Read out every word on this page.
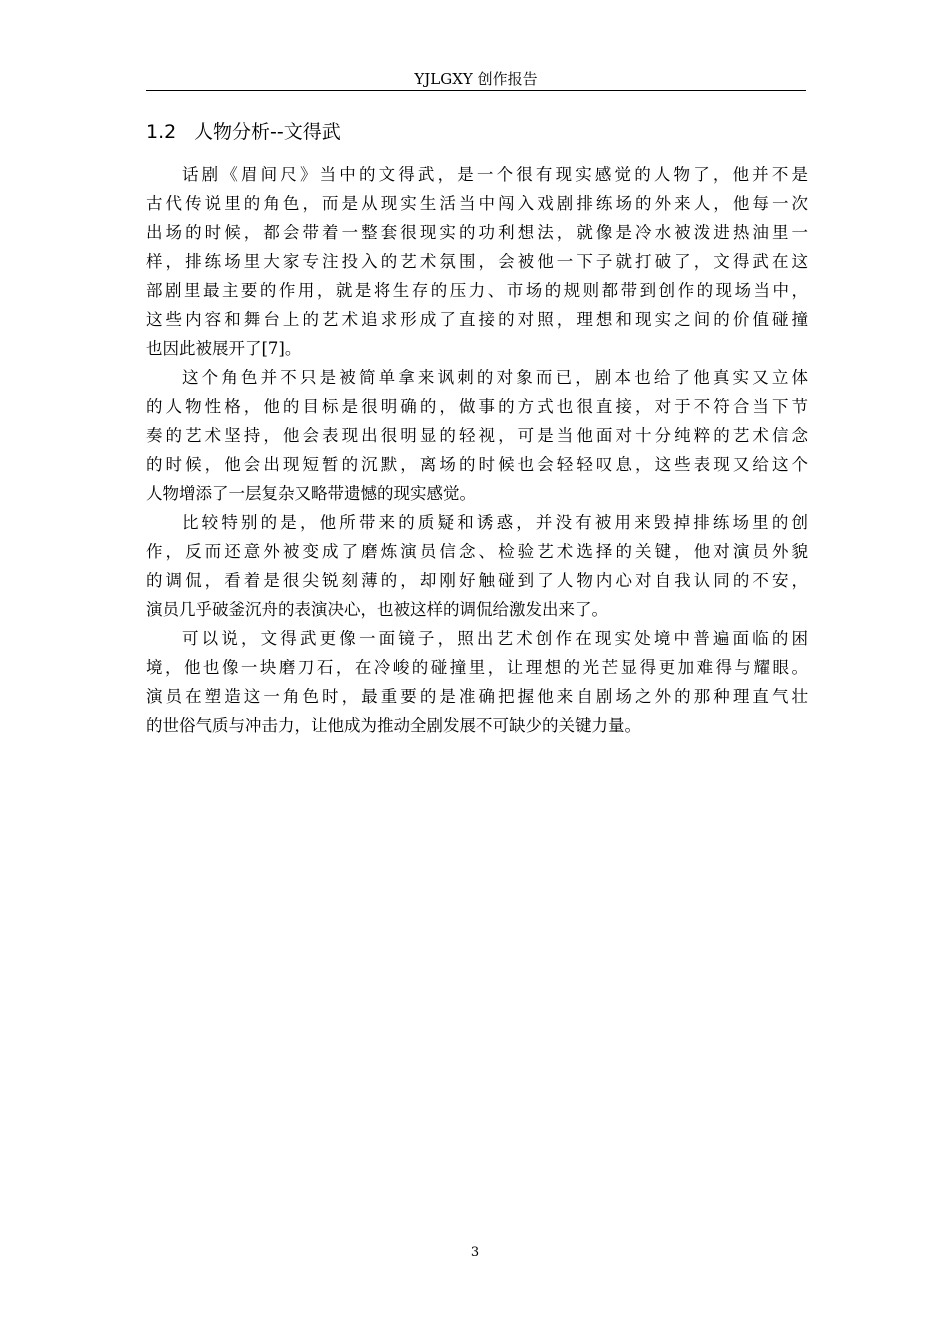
YJLGXY 创作报告
1.2 人物分析--文得武

话剧《眉间尺》当中的文得武，是一个很有现实感觉的人物了，他并不是
古代传说里的角色，而是从现实生活当中闯入戏剧排练场的外来人，他每一次
出场的时候，都会带着一整套很现实的功利想法，就像是冷水被泼进热油里一
样，排练场里大家专注投入的艺术氛围，会被他一下子就打破了，文得武在这
部剧里最主要的作用，就是将生存的压力、市场的规则都带到创作的现场当中，
这些内容和舞台上的艺术追求形成了直接的对照，理想和现实之间的价值碰撞
也因此被展开了[7]。

这个角色并不只是被简单拿来讽刺的对象而已，剧本也给了他真实又立体
的人物性格，他的目标是很明确的，做事的方式也很直接，对于不符合当下节
奏的艺术坚持，他会表现出很明显的轻视，可是当他面对十分纯粹的艺术信念
的时候，他会出现短暂的沉默，离场的时候也会轻轻叹息，这些表现又给这个
人物增添了一层复杂又略带遗憾的现实感觉。

比较特别的是，他所带来的质疑和诱惑，并没有被用来毁掉排练场里的创
作，反而还意外被变成了磨炼演员信念、检验艺术选择的关键，他对演员外貌
的调侃，看着是很尖锐刻薄的，却刚好触碰到了人物内心对自我认同的不安，
演员几乎破釜沉舟的表演决心，也被这样的调侃给激发出来了。

可以说，文得武更像一面镜子，照出艺术创作在现实处境中普遍面临的困
境，他也像一块磨刀石，在冷峻的碰撞里，让理想的光芒显得更加难得与耀眼。
演员在塑造这一角色时，最重要的是准确把握他来自剧场之外的那种理直气壮
的世俗气质与冲击力，让他成为推动全剧发展不可缺少的关键力量。

3
